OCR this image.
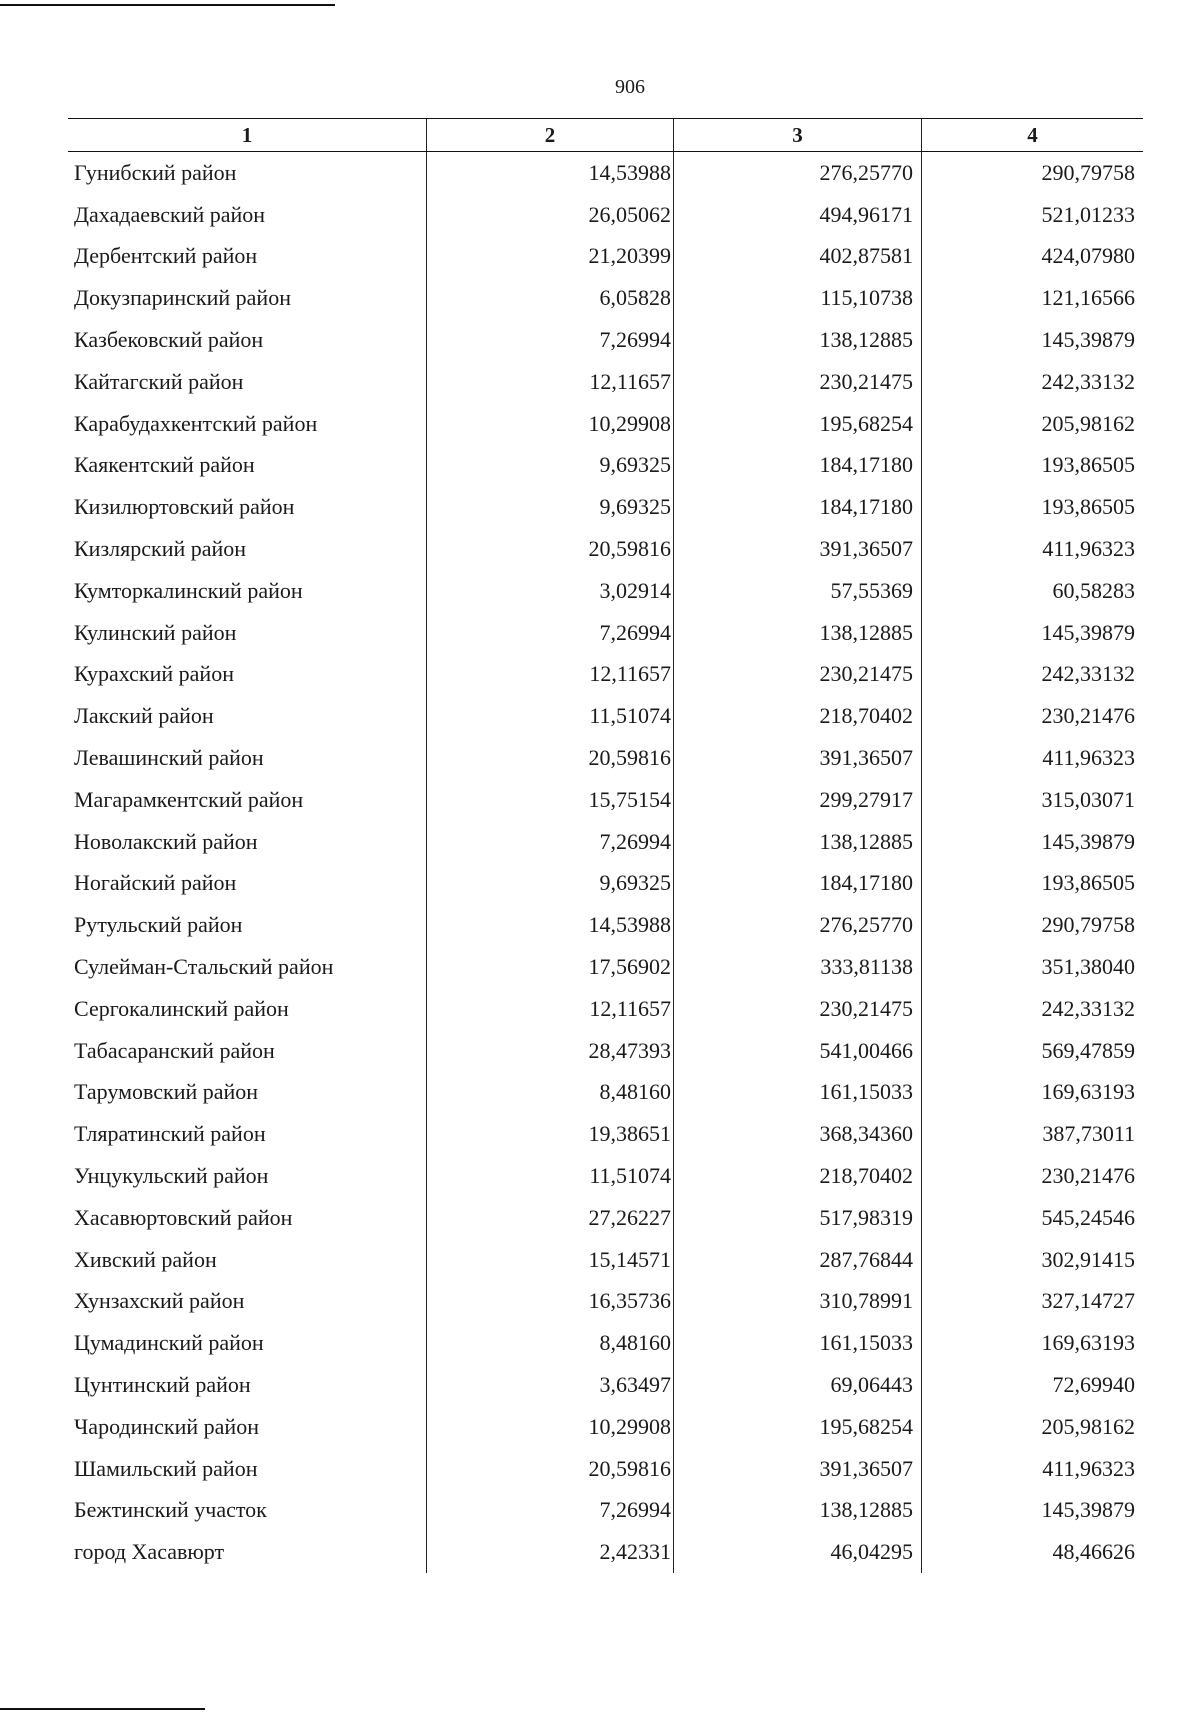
906
1	2	3	4
Гунибский район	14,53988	276,25770	290,79758
Дахадаевский район	26,05062	494,96171	521,01233
Дербентский район	21,20399	402,87581	424,07980
Докузпаринский район	6,05828	115,10738	121,16566
Казбековский район	7,26994	138,12885	145,39879
Кайтагский район	12,11657	230,21475	242,33132
Карабудахкентский район	10,29908	195,68254	205,98162
Каякентский район	9,69325	184,17180	193,86505
Кизилюртовский район	9,69325	184,17180	193,86505
Кизлярский район	20,59816	391,36507	411,96323
Кумторкалинский район	3,02914	57,55369	60,58283
Кулинский район	7,26994	138,12885	145,39879
Курахский район	12,11657	230,21475	242,33132
Лакский район	11,51074	218,70402	230,21476
Левашинский район	20,59816	391,36507	411,96323
Магарамкентский район	15,75154	299,27917	315,03071
Новолакский район	7,26994	138,12885	145,39879
Ногайский район	9,69325	184,17180	193,86505
Рутульский район	14,53988	276,25770	290,79758
Сулейман-Стальский район	17,56902	333,81138	351,38040
Сергокалинский район	12,11657	230,21475	242,33132
Табасаранский район	28,47393	541,00466	569,47859
Тарумовский район	8,48160	161,15033	169,63193
Тляратинский район	19,38651	368,34360	387,73011
Унцукульский район	11,51074	218,70402	230,21476
Хасавюртовский район	27,26227	517,98319	545,24546
Хивский район	15,14571	287,76844	302,91415
Хунзахский район	16,35736	310,78991	327,14727
Цумадинский район	8,48160	161,15033	169,63193
Цунтинский район	3,63497	69,06443	72,69940
Чародинский район	10,29908	195,68254	205,98162
Шамильский район	20,59816	391,36507	411,96323
Бежтинский участок	7,26994	138,12885	145,39879
город Хасавюрт	2,42331	46,04295	48,46626
